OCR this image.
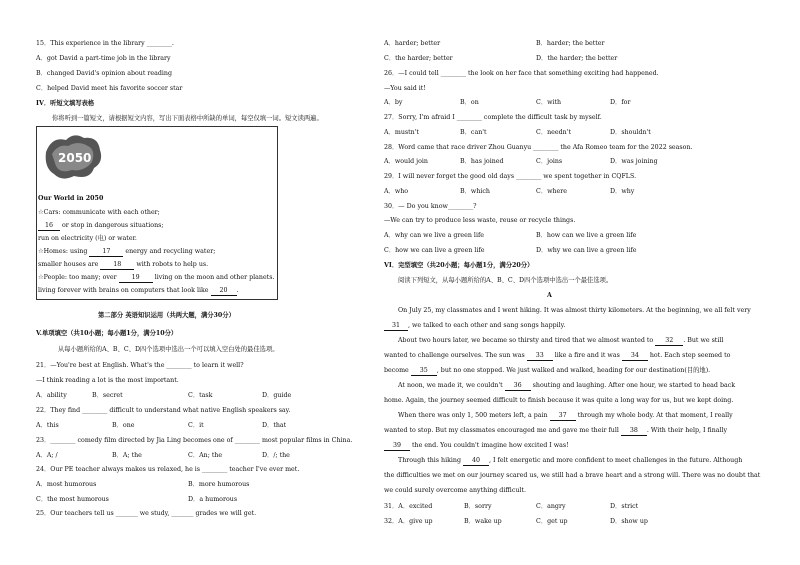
15．This experience in the library ________.
A．got David a part-time job in the library
B．changed David's opinion about reading
C．helped David meet his favorite soccer star
IV．听短文填写表格
你将听到一篇短文，请根据短文内容，写出下面表格中所缺的单词，每空仅填一词。短文读两遍。
2050
Our World in 2050
☆Cars: communicate with each other;
16 or stop in dangerous situations;
run on electricity (电) or water.
☆Homes: using 17 energy and recycling water;
smaller houses are 18 with robots to help us.
☆People: too many; over 19 living on the moon and other planets.
living forever with brains on computers that look like 20 .
第二部分 英语知识运用（共两大题，满分30分）
V.单项填空（共10小题；每小题1分，满分10分）
从每小题所给的A、B、C、D四个选项中选出一个可以填入空白处的最佳选项。
21．—You're best at English. What's the ________ to learn it well?
—I think reading a lot is the most important.
A．ability	B．secret	C．task	D．guide
22．They find ________ difficult to understand what native English speakers say.
A．this	B．one	C．it	D．that
23．________ comedy film directed by Jia Ling becomes one of ________ most popular films in China.
A．A; /	B．A; the	C．An; the	D．/; the
24．Our PE teacher always makes us relaxed, he is ________ teacher I've ever met.
A．most humorous	B．more humorous
C．the most humorous	D．a humorous
25．Our teachers tell us _______ we study, _______ grades we will get.
A．harder; better	B．harder; the better
C．the harder; better	D．the harder; the better
26．—I could tell ________ the look on her face that something exciting had happened.
—You said it!
A．by	B．on	C．with	D．for
27．Sorry, I'm afraid I ________ complete the difficult task by myself.
A．mustn't	B．can't	C．needn't	D．shouldn't
28．Word came that race driver Zhou Guanyu ________ the Afa Romeo team for the 2022 season.
A．would join	B．has joined	C．joins	D．was joining
29．I will never forget the good old days ________ we spent together in CQFLS.
A．who	B．which	C．where	D．why
30．— Do you know________?
—We can try to produce less waste, reuse or recycle things.
A．why can we live a green life	B．how can we live a green life
C．how we can live a green life	D．why we can live a green life
VI．完型填空（共20小题；每小题1分，满分20分）
阅读下列短文，从每小题所给的A、B、C、D四个选项中选出一个最佳选项。
A
On July 25, my classmates and I went hiking. It was almost thirty kilometers. At the beginning, we all felt very
31 , we talked to each other and sang songs happily.
About two hours later, we became so thirsty and tired that we almost wanted to 32 . But we still
wanted to challenge ourselves. The sun was 33 like a fire and it was 34 hot. Each step seemed to
become 35 , but no one stopped. We just walked and walked, heading for our destination(目的地).
At noon, we made it, we couldn't 36 shouting and laughing. After one hour, we started to head back
home. Again, the journey seemed difficult to finish because it was quite a long way for us, but we kept doing.
When there was only 1, 500 meters left, a pain 37 through my whole body. At that moment, I really
wanted to stop. But my classmates encouraged me and gave me their full 38 . With their help, I finally
39 the end. You couldn't imagine how excited I was!
Through this hiking 40 , I felt energetic and more confident to meet challenges in the future. Although
the difficulties we met on our journey scared us, we still had a brave heart and a strong will. There was no doubt that
we could surely overcome anything difficult.
31．A．excited	B．sorry	C．angry	D．strict
32．A．give up	B．wake up	C．get up	D．show up
